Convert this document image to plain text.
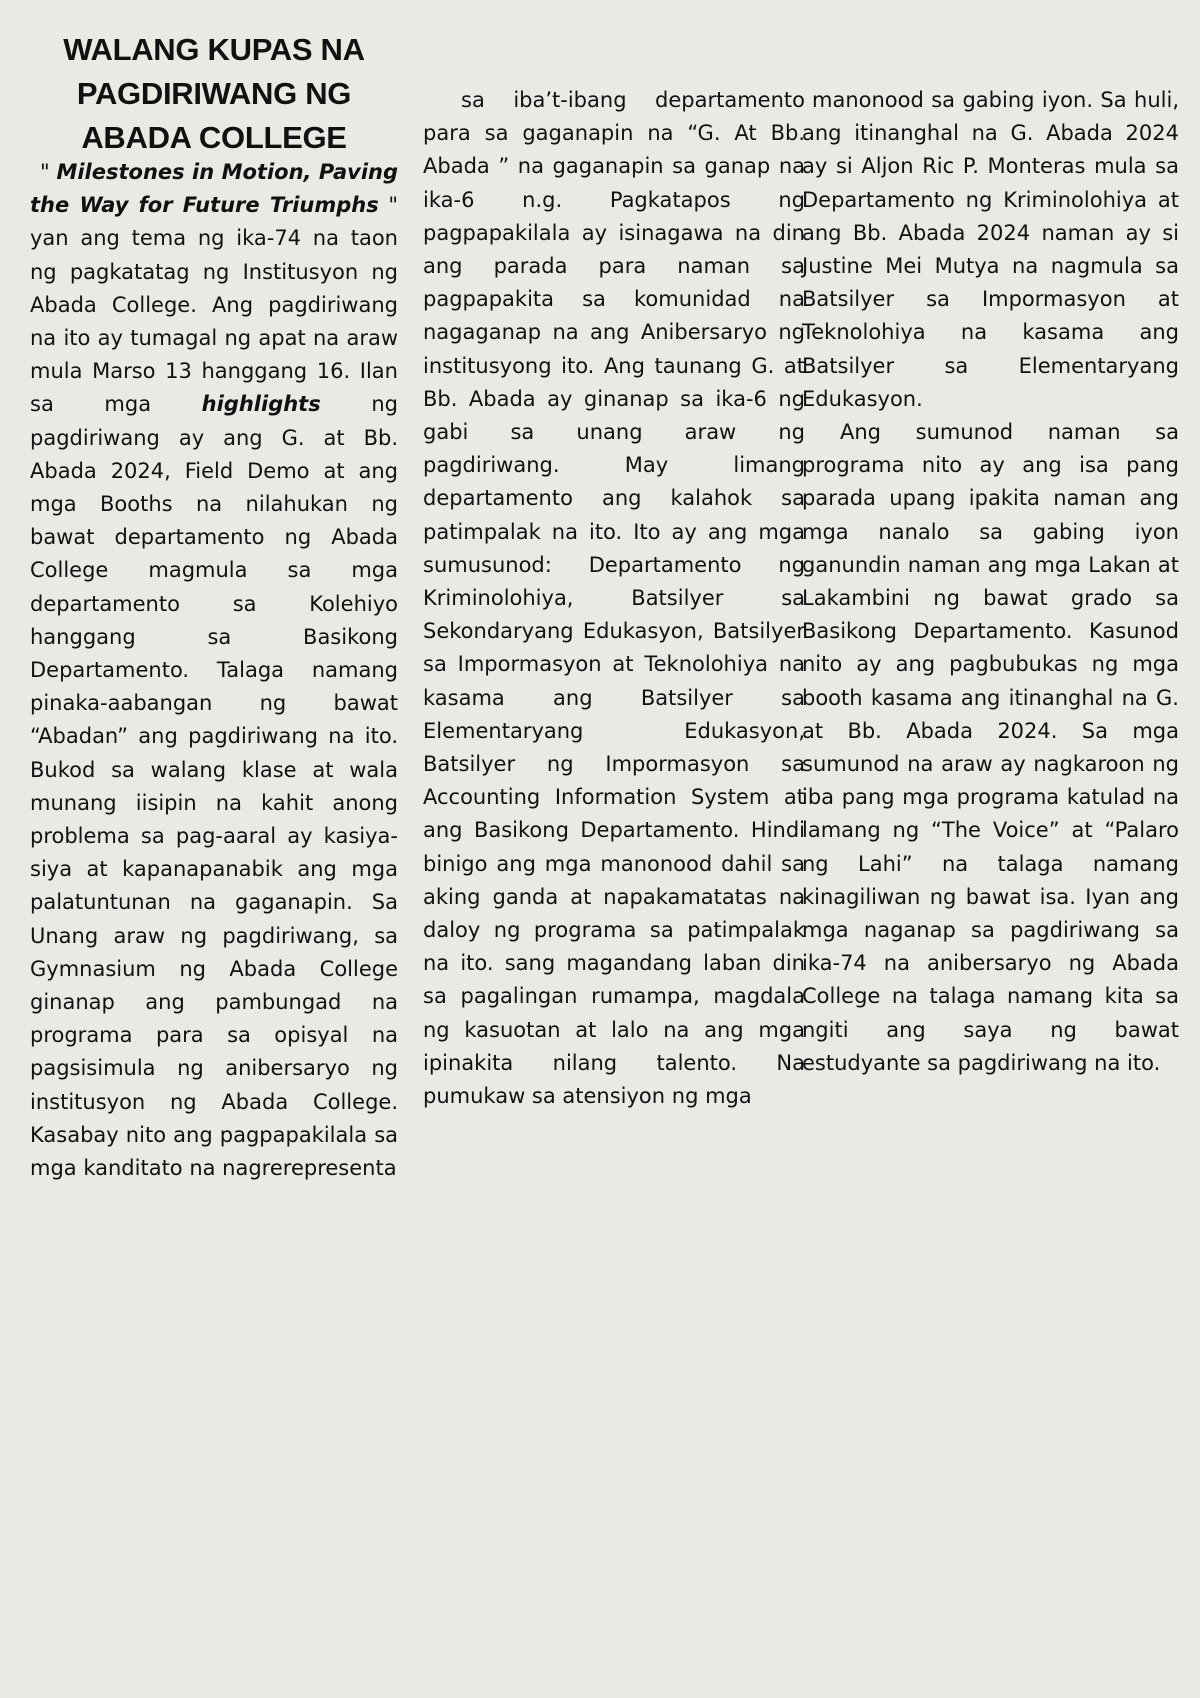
WALANG KUPAS NA
PAGDIRIWANG NG
ABADA COLLEGE

" Milestones in Motion, Paving the Way for Future Triumphs " yan ang tema ng ika-74 na taon ng pagkatatag ng Institusyon ng Abada College. Ang pagdiriwang na ito ay tumagal ng apat na araw mula Marso 13 hanggang 16. Ilan sa mga highlights ng pagdiriwang ay ang G. at Bb. Abada 2024, Field Demo at ang mga Booths na nilahukan ng bawat departamento ng Abada College magmula sa mga departamento sa Kolehiyo hanggang sa Basikong Departamento. Talaga namang pinaka-aabangan ng bawat “Abadan” ang pagdiriwang na ito. Bukod sa walang klase at wala munang iisipin na kahit anong problema sa pag-aaral ay kasiya-siya at kapanapanabik ang mga palatuntunan na gaganapin. Sa Unang araw ng pagdiriwang, sa Gymnasium ng Abada College ginanap ang pambungad na programa para sa opisyal na pagsisimula ng anibersaryo ng institusyon ng Abada College. Kasabay nito ang pagpapakilala sa mga kanditato na nagrerepresenta

sa iba’t-ibang departamento para sa gaganapin na “G. At Bb. Abada ” na gaganapin sa ganap na ika-6 n.g. Pagkatapos ng pagpapakilala ay isinagawa na din ang parada para naman sa pagpapakita sa komunidad na nagaganap na ang Anibersaryo ng institusyong ito. Ang taunang G. at Bb. Abada ay ginanap sa ika-6 ng gabi sa unang araw ng pagdiriwang. May limang departamento ang kalahok sa patimpalak na ito. Ito ay ang mga sumusunod: Departamento ng Kriminolohiya, Batsilyer sa Sekondaryang Edukasyon, Batsilyer sa Impormasyon at Teknolohiya na kasama ang Batsilyer sa Elementaryang Edukasyon, Batsilyer ng Impormasyon sa Accounting Information System at ang Basikong Departamento. Hindi binigo ang mga manonood dahil sa aking ganda at napakamatatas na daloy ng programa sa patimpalak na ito. sang magandang laban din sa pagalingan rumampa, magdala ng kasuotan at lalo na ang mga ipinakita nilang talento. Na pumukaw sa atensiyon ng mga

manonood sa gabing iyon. Sa huli, ang itinanghal na G. Abada 2024 ay si Aljon Ric P. Monteras mula sa Departamento ng Kriminolohiya at ang Bb. Abada 2024 naman ay si Justine Mei Mutya na nagmula sa Batsilyer sa Impormasyon at Teknolohiya na kasama ang Batsilyer sa Elementaryang Edukasyon.

Ang sumunod naman sa programa nito ay ang isa pang parada upang ipakita naman ang mga nanalo sa gabing iyon ganundin naman ang mga Lakan at Lakambini ng bawat grado sa Basikong Departamento. Kasunod nito ay ang pagbubukas ng mga booth kasama ang itinanghal na G. at Bb. Abada 2024. Sa mga sumunod na araw ay nagkaroon ng iba pang mga programa katulad na lamang ng “The Voice” at “Palaro ng Lahi” na talaga namang kinagiliwan ng bawat isa. Iyan ang mga naganap sa pagdiriwang sa ika-74 na anibersaryo ng Abada College na talaga namang kita sa ngiti ang saya ng bawat estudyante sa pagdiriwang na ito.
